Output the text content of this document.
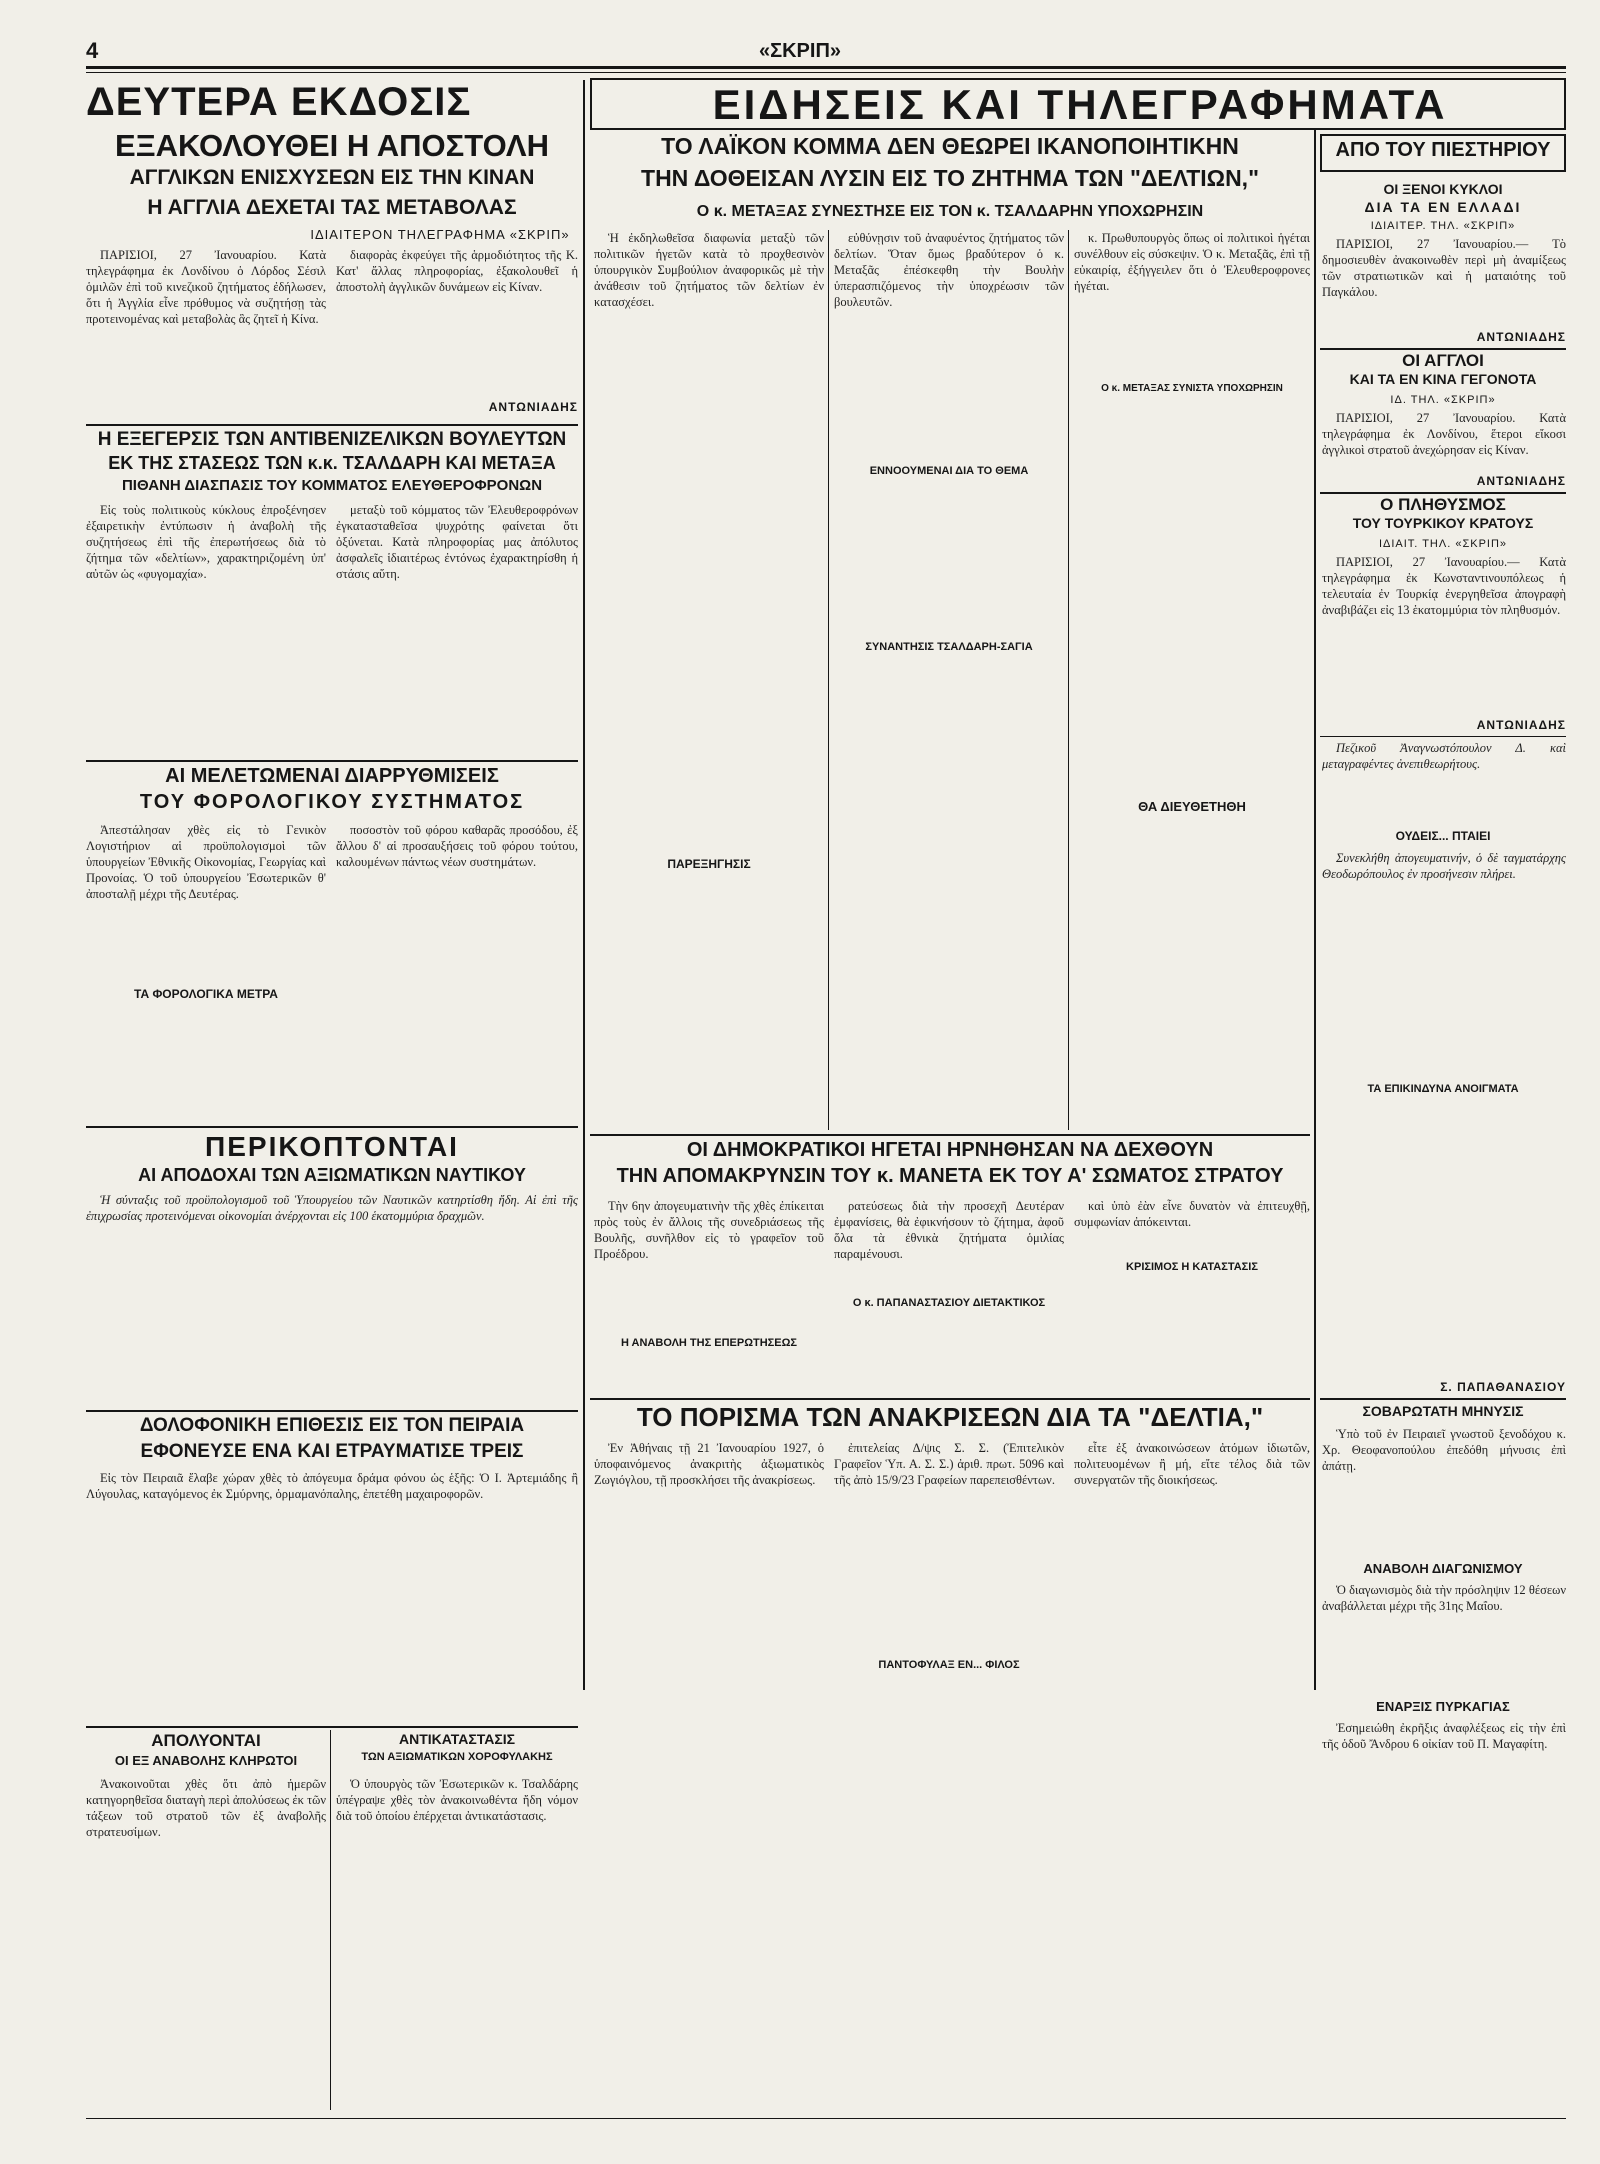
4	«ΣΚΡΙΠ»
ΔΕΥΤΕΡΑ ΕΚΔΟΣΙΣ	ΕΙΔΗΣΕΙΣ ΚΑΙ ΤΗΛΕΓΡΑΦΗΜΑΤΑ
ΕΞΑΚΟΛΟΥΘΕΙ Η ΑΠΟΣΤΟΛΗ
ΑΓΓΛΙΚΩΝ ΕΝΙΣΧΥΣΕΩΝ ΕΙΣ ΤΗΝ ΚΙΝΑΝ
Η ΑΓΓΛΙΑ ΔΕΧΕΤΑΙ ΤΑΣ ΜΕΤΑΒΟΛΑΣ
ΙΔΙΑΙΤΕΡΟΝ ΤΗΛΕΓΡΑΦΗΜΑ «ΣΚΡΙΠ»

ΠΑΡΙΣΙΟΙ, 27 Ἰανουαρίου. Κατὰ τηλεγράφημα ἐκ Λονδίνου ὁ Λόρδος Σέσιλ ὁμιλῶν ἐπὶ τοῦ κινεζικοῦ ζητήματος ἐδήλωσεν, ὅτι ἡ Ἀγγλία εἶνε πρόθυμος νὰ συζητήσῃ τὰς προτεινομένας καὶ μεταβολὰς ἃς ζητεῖ ἡ Κίνα.

διαφορὰς ἐκφεύγει τῆς ἁρμοδιότητος τῆς Κ. Κατ' ἄλλας πληροφορίας, ἐξακολουθεῖ ἡ ἀποστολὴ ἀγγλικῶν δυνάμεων εἰς Κίναν.

ΑΝΤΩΝΙΑΔΗΣ
Η ΕΞΕΓΕΡΣΙΣ ΤΩΝ ΑΝΤΙΒΕΝΙΖΕΛΙΚΩΝ ΒΟΥΛΕΥΤΩΝ
ΕΚ ΤΗΣ ΣΤΑΣΕΩΣ ΤΩΝ κ.κ. ΤΣΑΛΔΑΡΗ ΚΑΙ ΜΕΤΑΞΑ
ΠΙΘΑΝΗ ΔΙΑΣΠΑΣΙΣ ΤΟΥ ΚΟΜΜΑΤΟΣ ΕΛΕΥΘΕΡΟΦΡΟΝΩΝ

Εἰς τοὺς πολιτικοὺς κύκλους ἐπροξένησεν ἐξαιρετικὴν ἐντύπωσιν ἡ ἀναβολὴ τῆς συζητήσεως ἐπὶ τῆς ἐπερωτήσεως διὰ τὸ ζήτημα τῶν «δελτίων», χαρακτηριζομένη ὑπ' αὐτῶν ὡς «φυγομαχία».

μεταξὺ τοῦ κόμματος τῶν Ἐλευθεροφρόνων ἐγκατασταθεῖσα ψυχρότης φαίνεται ὅτι ὀξύνεται. Κατὰ πληροφορίας μας ἀπόλυτος ἀσφαλεῖς ἱδιαιτέρως ἐντόνως ἐχαρακτηρίσθη ἡ στάσις αὕτη.

ΑΙ ΜΕΛΕΤΩΜΕΝΑΙ ΔΙΑΡΡΥΘΜΙΣΕΙΣ
ΤΟΥ ΦΟΡΟΛΟΓΙΚΟΥ ΣΥΣΤΗΜΑΤΟΣ

Ἀπεστάλησαν χθὲς εἰς τὸ Γενικὸν Λογιστήριον αἱ προϋπολογισμοὶ τῶν ὑπουργείων Ἐθνικῆς Οἰκονομίας, Γεωργίας καὶ Προνοίας. Ὁ τοῦ ὑπουργείου Ἐσωτερικῶν θ' ἀποσταλῇ μέχρι τῆς Δευτέρας.

ΤΑ ΦΟΡΟΛΟΓΙΚΑ ΜΕΤΡΑ

ποσοστὸν τοῦ φόρου καθαρᾶς προσόδου, ἐξ ἄλλου δ' αἱ προσαυξήσεις τοῦ φόρου τούτου, καλουμένων πάντως νέων συστημάτων.

ΠΕΡΙΚΟΠΤΟΝΤΑΙ
ΑΙ ΑΠΟΔΟΧΑΙ ΤΩΝ ΑΞΙΩΜΑΤΙΚΩΝ ΝΑΥΤΙΚΟΥ

Ἡ σύνταξις τοῦ προϋπολογισμοῦ τοῦ Ὑπουργείου τῶν Ναυτικῶν κατηρτίσθη ἤδη. Αἱ ἐπὶ τῆς ἐπιχρωσίας προτεινόμεναι οἰκονομίαι ἀνέρχονται εἰς 100 ἑκατομμύρια δραχμῶν.

ΔΟΛΟΦΟΝΙΚΗ ΕΠΙΘΕΣΙΣ ΕΙΣ ΤΟΝ ΠΕΙΡΑΙΑ
ΕΦΟΝΕΥΣΕ ΕΝΑ ΚΑΙ ΕΤΡΑΥΜΑΤΙΣΕ ΤΡΕΙΣ

Εἰς τὸν Πειραιᾶ ἔλαβε χώραν χθὲς τὸ ἀπόγευμα δράμα φόνου ὡς ἑξῆς: Ὁ Ι. Ἀρτεμιάδης ἢ Λύγουλας, καταγόμενος ἐκ Σμύρνης, ὁρμαμανόπαλης, ἐπετέθη μαχαιροφορῶν.

ΑΠΟΛΥΟΝΤΑΙ
ΟΙ ΕΞ ΑΝΑΒΟΛΗΣ ΚΛΗΡΩΤΟΙ

Ἀνακοινοῦται χθὲς ὅτι ἀπὸ ἡμερῶν κατηγορηθεῖσα διαταγὴ περὶ ἀπολύσεως ἐκ τῶν τάξεων τοῦ στρατοῦ τῶν ἐξ ἀναβολῆς στρατευσίμων.

ΑΝΤΙΚΑΤΑΣΤΑΣΙΣ
ΤΩΝ ΑΞΙΩΜΑΤΙΚΩΝ ΧΟΡΟΦΥΛΑΚΗΣ

Ὁ ὑπουργὸς τῶν Ἐσωτερικῶν κ. Τσαλδάρης ὑπέγραψε χθὲς τὸν ἀνακοινωθέντα ἤδη νόμον διὰ τοῦ ὁποίου ἐπέρχεται ἀντικατάστασις.

ΤΟ ΛΑΪΚΟΝ ΚΟΜΜΑ ΔΕΝ ΘΕΩΡΕΙ ΙΚΑΝΟΠΟΙΗΤΙΚΗΝ
ΤΗΝ ΔΟΘΕΙΣΑΝ ΛΥΣΙΝ ΕΙΣ ΤΟ ΖΗΤΗΜΑ ΤΩΝ "ΔΕΛΤΙΩΝ,"
Ο κ. ΜΕΤΑΞΑΣ ΣΥΝΕΣΤΗΣΕ ΕΙΣ ΤΟΝ κ. ΤΣΑΛΔΑΡΗΝ ΥΠΟΧΩΡΗΣΙΝ

Ἡ ἐκδηλωθεῖσα διαφωνία μεταξὺ τῶν πολιτικῶν ἡγετῶν κατὰ τὸ προχθεσινὸν ὑπουργικὸν Συμβούλιον ἀναφορικῶς μὲ τὴν ἀνάθεσιν τοῦ ζητήματος τῶν δελτίων ἐν κατασχέσει.

ΠΑΡΕΞΗΓΗΣΙΣ

εὐθύνῃσιν τοῦ ἀναφυέντος ζητήματος τῶν δελτίων. Ὅταν ὅμως βραδύτερον ὁ κ. Μεταξᾶς ἐπέσκεφθη τὴν Βουλὴν ὑπερασπιζόμενος τὴν ὑποχρέωσιν τῶν βουλευτῶν.

ΕΝΝΟΟΥΜΕΝΑΙ ΔΙΑ ΤΟ ΘΕΜΑ
ΣΥΝΑΝΤΗΣΙΣ ΤΣΑΛΔΑΡΗ-ΣΑΓΙΑ

κ. Πρωθυπουργὸς ὅπως οἱ πολιτικοὶ ἡγέται συνέλθουν εἰς σύσκεψιν. Ὁ κ. Μεταξᾶς, ἐπὶ τῇ εὐκαιρίᾳ, ἐξήγγειλεν ὅτι ὁ Ἐλευθεροφρονες ἠγέται.

Ο κ. ΜΕΤΑΞΑΣ ΣΥΝΙΣΤΑ ΥΠΟΧΩΡΗΣΙΝ
ΘΑ ΔΙΕΥΘΕΤΗΘΗ
ΟΙ ΔΗΜΟΚΡΑΤΙΚΟΙ ΗΓΕΤΑΙ ΗΡΝΗΘΗΣΑΝ ΝΑ ΔΕΧΘΟΥΝ
ΤΗΝ ΑΠΟΜΑΚΡΥΝΣΙΝ ΤΟΥ κ. ΜΑΝΕΤΑ ΕΚ ΤΟΥ Α' ΣΩΜΑΤΟΣ ΣΤΡΑΤΟΥ

Τὴν 6ην ἀπογευματινὴν τῆς χθὲς ἐπίκειται πρὸς τοὺς ἐν ἄλλοις τῆς συνεδριάσεως τῆς Βουλῆς, συνῆλθον εἰς τὸ γραφεῖον τοῦ Προέδρου.

Η ΑΝΑΒΟΛΗ ΤΗΣ ΕΠΕΡΩΤΗΣΕΩΣ

ρατεύσεως διὰ τὴν προσεχῆ Δευτέραν ἐμφανίσεις, θὰ ἐφικνήσουν τὸ ζήτημα, ἀφοῦ ὅλα τὰ ἐθνικὰ ζητήματα ὁμιλίας παραμένουσι.

Ο κ. ΠΑΠΑΝΑΣΤΑΣΙΟΥ ΔΙΕΤΑΚΤΙΚΟΣ

καὶ ὑπὸ ἐὰν εἶνε δυνατὸν νὰ ἐπιτευχθῇ, συμφωνίαν ἀπόκεινται.

ΚΡΙΣΙΜΟΣ Η ΚΑΤΑΣΤΑΣΙΣ
ΤΟ ΠΟΡΙΣΜΑ ΤΩΝ ΑΝΑΚΡΙΣΕΩΝ ΔΙΑ ΤΑ "ΔΕΛΤΙΑ,"

Ἐν Ἀθήναις τῇ 21 Ἰανουαρίου 1927, ὁ ὑποφαινόμενος ἀνακριτὴς ἀξιωματικὸς Ζωγιόγλου, τῇ προσκλήσει τῆς ἀνακρίσεως.

ἐπιτελείας Δ/ψις Σ. Σ. (Ἐπιτελικὸν Γραφεῖον Ὑπ. Α. Σ. Σ.) ἀριθ. πρωτ. 5096 καὶ τῆς ἀπὸ 15/9/23 Γραφείων παρεπεισθέντων.

ΠΑΝΤΟΦΥΛΑΞ ΕΝ... ΦΙΛΟΣ

εἶτε ἐξ ἀνακοινώσεων ἀτόμων ἰδιωτῶν, πολιτευομένων ἢ μή, εἴτε τέλος διὰ τῶν συνεργατῶν τῆς διοικήσεως.

ΑΠΟ ΤΟΥ ΠΙΕΣΤΗΡΙΟΥ
ΟΙ ΞΕΝΟΙ ΚΥΚΛΟΙ
ΔΙΑ ΤΑ ΕΝ ΕΛΛΑΔΙ
ΙΔΙΑΙΤΕΡ. ΤΗΛ. «ΣΚΡΙΠ»

ΠΑΡΙΣΙΟΙ, 27 Ἰανουαρίου.— Τὸ δημοσιευθὲν ἀνακοινωθὲν περὶ μὴ ἀναμίξεως τῶν στρατιωτικῶν καὶ ἡ ματαιότης τοῦ Παγκάλου.

ΑΝΤΩΝΙΑΔΗΣ
ΟΙ ΑΓΓΛΟΙ
ΚΑΙ ΤΑ ΕΝ ΚΙΝΑ ΓΕΓΟΝΟΤΑ
ΙΔ. ΤΗΛ. «ΣΚΡΙΠ»

ΠΑΡΙΣΙΟΙ, 27 Ἰανουαρίου. Κατὰ τηλεγράφημα ἐκ Λονδίνου, ἕτεροι εἴκοσι ἀγγλικοὶ στρατοῦ ἀνεχώρησαν εἰς Κίναν.

ΑΝΤΩΝΙΑΔΗΣ
Ο ΠΛΗΘΥΣΜΟΣ
ΤΟΥ ΤΟΥΡΚΙΚΟΥ ΚΡΑΤΟΥΣ
ΙΔΙΑΙΤ. ΤΗΛ. «ΣΚΡΙΠ»

ΠΑΡΙΣΙΟΙ, 27 Ἰανουαρίου.— Κατὰ τηλεγράφημα ἐκ Κωνσταντινουπόλεως ἡ τελευταία ἐν Τουρκίᾳ ἐνεργηθεῖσα ἀπογραφὴ ἀναβιβάζει εἰς 13 ἑκατομμύρια τὸν πληθυσμόν.

ΑΝΤΩΝΙΑΔΗΣ

Πεζικοῦ Ἀναγνωστόπουλον Δ. καὶ μεταγραφέντες ἀνεπιθεωρήτους.

ΟΥΔΕΙΣ... ΠΤΑΙΕΙ

Συνεκλήθη ἀπογευματινήν, ὁ δὲ ταγματάρχης Θεοδωρόπουλος ἐν προσήνεσιν πλήρει.

ΤΑ ΕΠΙΚΙΝΔΥΝΑ ΑΝΟΙΓΜΑΤΑ
Σ. ΠΑΠΑΘΑΝΑΣΙΟΥ
ΣΟΒΑΡΩΤΑΤΗ ΜΗΝΥΣΙΣ

Ὑπὸ τοῦ ἐν Πειραιεῖ γνωστοῦ ξενοδόχου κ. Χρ. Θεοφανοπούλου ἐπεδόθη μήνυσις ἐπὶ ἀπάτῃ.

ΑΝΑΒΟΛΗ ΔΙΑΓΩΝΙΣΜΟΥ

Ὁ διαγωνισμὸς διὰ τὴν πρόσληψιν 12 θέσεων ἀναβάλλεται μέχρι τῆς 31ης Μαΐου.

ΕΝΑΡΞΙΣ ΠΥΡΚΑΓΙΑΣ

Ἐσημειώθη ἐκρῆξις ἀναφλέξεως εἰς τὴν ἐπὶ τῆς ὁδοῦ Ἄνδρου 6 οἰκίαν τοῦ Π. Μαγαφίτη.
